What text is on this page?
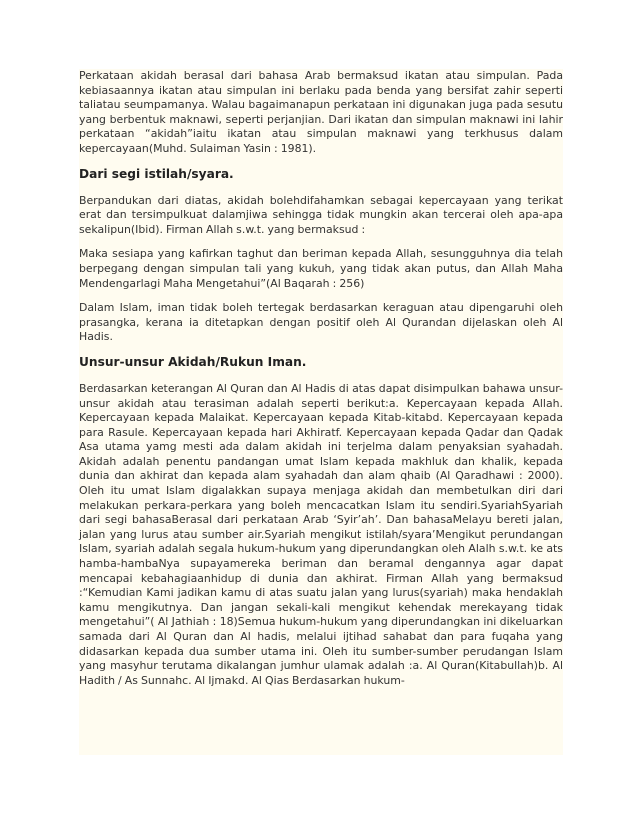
Perkataan akidah berasal dari bahasa Arab bermaksud ikatan atau simpulan. Pada kebiasaannya ikatan atau simpulan ini berlaku pada benda yang bersifat zahir seperti taliatau seumpamanya. Walau bagaimanapun perkataan ini digunakan juga pada sesutu yang berbentuk maknawi, seperti perjanjian. Dari ikatan dan simpulan maknawi ini lahir perkataan “akidah”iaitu ikatan atau simpulan maknawi yang terkhusus dalam kepercayaan(Muhd. Sulaiman Yasin : 1981).

Dari segi istilah/syara.

Berpandukan dari diatas, akidah bolehdifahamkan sebagai kepercayaan yang terikat erat dan tersimpulkuat dalamjiwa sehingga tidak mungkin akan tercerai oleh apa-apa sekalipun(Ibid). Firman Allah s.w.t. yang bermaksud :

Maka sesiapa yang kafirkan taghut dan beriman kepada Allah, sesungguhnya dia telah berpegang dengan simpulan tali yang kukuh, yang tidak akan putus, dan Allah Maha Mendengarlagi Maha Mengetahui”(Al Baqarah : 256)

Dalam Islam, iman tidak boleh tertegak berdasarkan keraguan atau dipengaruhi oleh prasangka, kerana ia ditetapkan dengan positif oleh Al Qurandan dijelaskan oleh Al Hadis.

Unsur-unsur Akidah/Rukun Iman.

Berdasarkan keterangan Al Quran dan Al Hadis di atas dapat disimpulkan bahawa unsur-unsur akidah atau terasiman adalah seperti berikut:a. Kepercayaan kepada Allah. Kepercayaan kepada Malaikat. Kepercayaan kepada Kitab-kitabd. Kepercayaan kepada para Rasule. Kepercayaan kepada hari Akhiratf. Kepercayaan kepada Qadar dan Qadak Asa utama yamg mesti ada dalam akidah ini terjelma dalam penyaksian syahadah. Akidah adalah penentu pandangan umat Islam kepada makhluk dan khalik, kepada dunia dan akhirat dan kepada alam syahadah dan alam qhaib (Al Qaradhawi : 2000). Oleh itu umat Islam digalakkan supaya menjaga akidah dan membetulkan diri dari melakukan perkara-perkara yang boleh mencacatkan Islam itu sendiri.SyariahSyariah dari segi bahasaBerasal dari perkataan Arab ‘Syir’ah’. Dan bahasaMelayu bereti jalan, jalan yang lurus atau sumber air.Syariah mengikut istilah/syara’Mengikut perundangan Islam, syariah adalah segala hukum-hukum yang diperundangkan oleh Alalh s.w.t. ke ats hamba-hambaNya supayamereka beriman dan beramal dengannya agar dapat mencapai kebahagiaanhidup di dunia dan akhirat. Firman Allah yang bermaksud :“Kemudian Kami jadikan kamu di atas suatu jalan yang lurus(syariah) maka hendaklah kamu mengikutnya. Dan jangan sekali-kali mengikut kehendak merekayang tidak mengetahui”( Al Jathiah : 18)Semua hukum-hukum yang diperundangkan ini dikeluarkan samada dari Al Quran dan Al hadis, melalui ijtihad sahabat dan para fuqaha yang didasarkan kepada dua sumber utama ini. Oleh itu sumber-sumber perudangan Islam yang masyhur terutama dikalangan jumhur ulamak adalah :a. Al Quran(Kitabullah)b. Al Hadith / As Sunnahc. Al Ijmakd. Al Qias Berdasarkan hukum-
